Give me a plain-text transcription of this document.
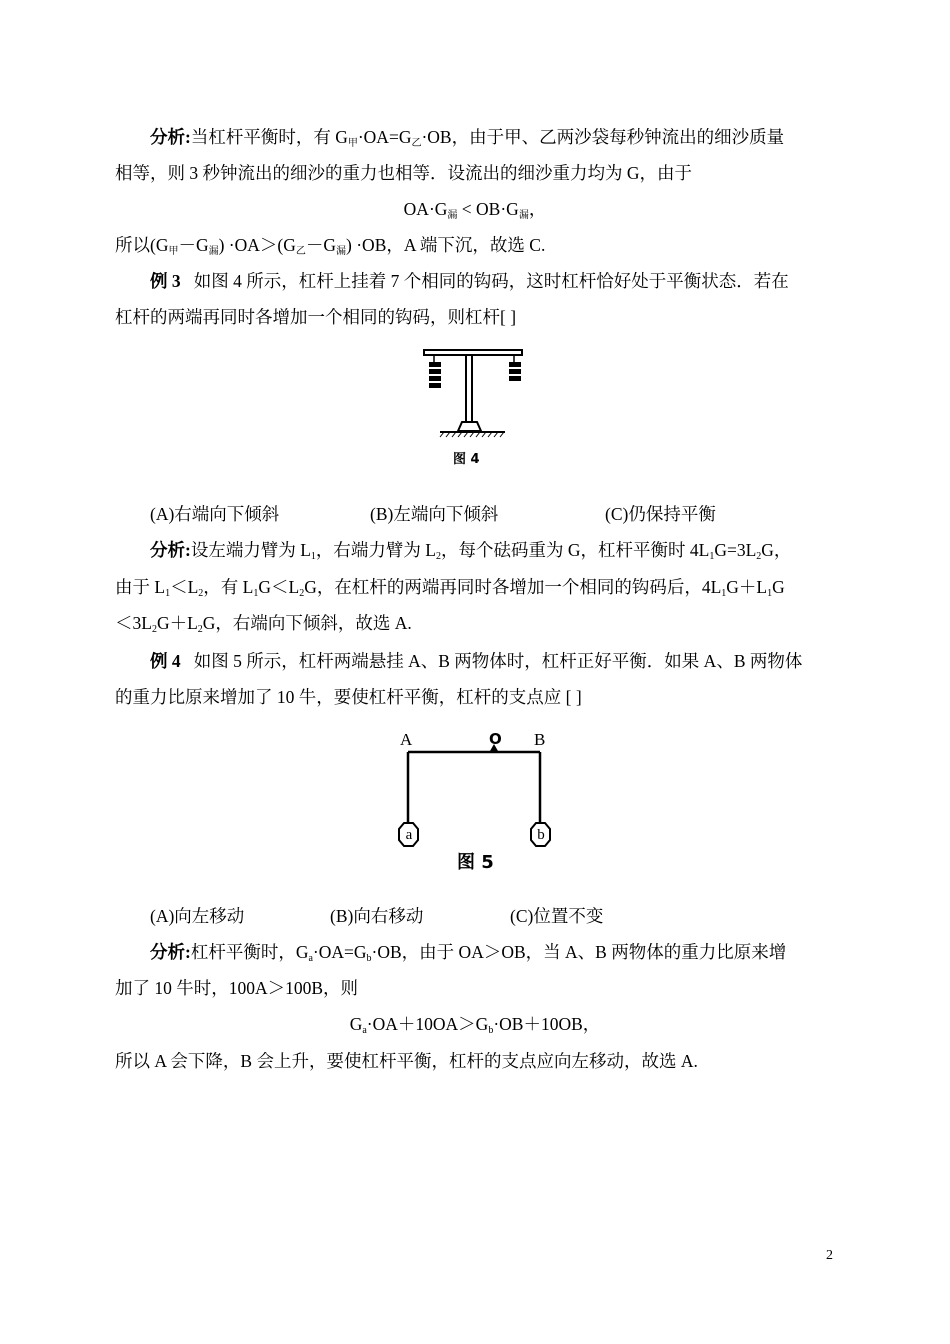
分析:当杠杆平衡时，有 $G_甲\cdot OA=G_乙\cdot OB$，由于甲、乙两沙袋每秒钟流出的细沙质量
相等，则 3 秒钟流出的细沙的重力也相等．设流出的细沙重力均为 G，由于
$OA\cdot G_漏 < OB\cdot G_漏$，
所以$(G_甲-G_漏) \cdot OA>(G_乙-G_漏) \cdot OB$，A 端下沉，故选 C.
例 3 如图 4 所示，杠杆上挂着 7 个相同的钩码，这时杠杆恰好处于平衡状态．若在
杠杆的两端再同时各增加一个相同的钩码，则杠杆[ ]
图 4
(A)右端向下倾斜	(B)左端向下倾斜	(C)仍保持平衡
分析:设左端力臂为 $L_1$，右端力臂为 $L_2$，每个砝码重为 G，杠杆平衡时 $4L_1G=3L_2G$，
由于 $L_1<L_2$，有 $L_1G<L_2G$，在杠杆的两端再同时各增加一个相同的钩码后，$4L_1G+L_1G$
$<3L_2G+L_2G$，右端向下倾斜，故选 A.
例 4 如图 5 所示，杠杆两端悬挂 A、B 两物体时，杠杆正好平衡．如果 A、B 两物体
的重力比原来增加了 10 牛，要使杠杆平衡，杠杆的支点应 [ ]
A	O B
a	b
图 5
(A)向左移动	(B)向右移动	(C)位置不变
分析:杠杆平衡时，$G_a\cdot OA=G_b\cdot OB$，由于 OA＞OB，当 A、B 两物体的重力比原来增
加了 10 牛时，100A＞100B，则
$G_a\cdot OA+10OA>G_b\cdot OB+10OB$，
所以 A 会下降，B 会上升，要使杠杆平衡，杠杆的支点应向左移动，故选 A.
2
